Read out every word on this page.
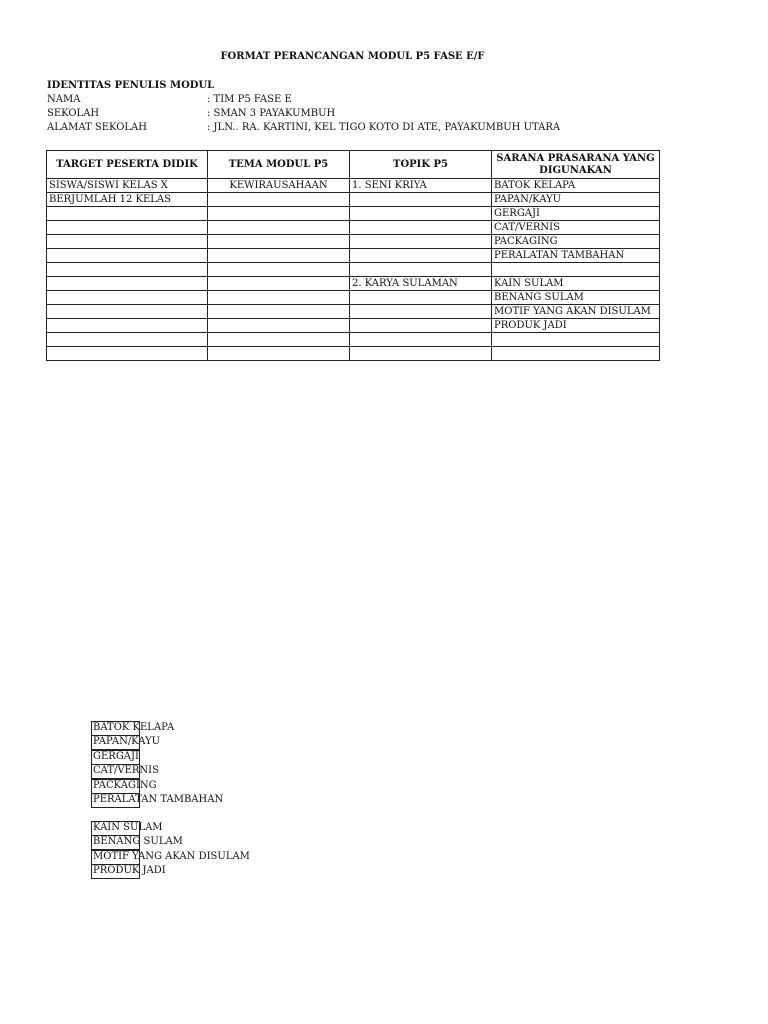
FORMAT PERANCANGAN MODUL P5 FASE E/F
IDENTITAS PENULIS MODUL
NAMA	: TIM P5 FASE E
SEKOLAH	: SMAN 3 PAYAKUMBUH
ALAMAT SEKOLAH	: JLN.. RA. KARTINI, KEL TIGO KOTO DI ATE, PAYAKUMBUH UTARA
TARGET PESERTA DIDIK	TEMA MODUL P5	TOPIK P5	SARANA PRASARANA YANG DIGUNAKAN
SISWA/SISWI KELAS X	KEWIRAUSAHAAN	1. SENI KRIYA	BATOK KELAPA
BERJUMLAH 12 KELAS			PAPAN/KAYU
			GERGAJI
			CAT/VERNIS
			PACKAGING
			PERALATAN TAMBAHAN

		2. KARYA SULAMAN	KAIN SULAM
			BENANG SULAM
			MOTIF YANG AKAN DISULAM
			PRODUK JADI

BATOK KELAPA
PAPAN/KAYU
GERGAJI
CAT/VERNIS
PACKAGING
PERALATAN TAMBAHAN
KAIN SULAM
BENANG SULAM
MOTIF YANG AKAN DISULAM
PRODUK JADI
